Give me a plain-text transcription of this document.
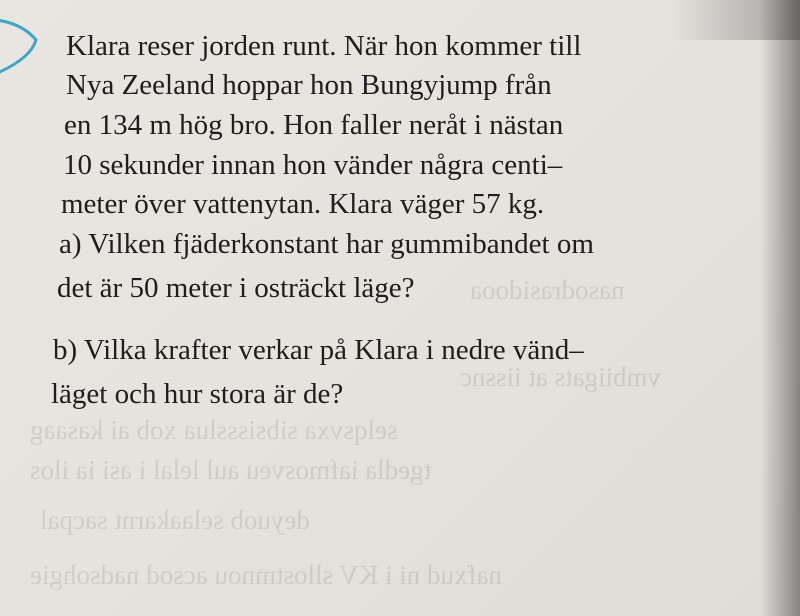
nasodrasidooa
vmbiigats at iissnc
selqsvxa sibsissslua xob ai kasaag
tgedla iafmosveu aul lelal i asi ia ilos
deyuob selaakarnt sacpal
nafxud ni i KV sllostmnou acsod nadsohgie

Klara reser jorden runt. När hon kommer till

Nya Zeeland hoppar hon Bungyjump från

en 134 m hög bro. Hon faller neråt i nästan

10 sekunder innan hon vänder några centi–

meter över vattenytan. Klara väger 57 kg.

a) Vilken fjäderkonstant har gummibandet om

det är 50 meter i osträckt läge?

b) Vilka krafter verkar på Klara i nedre vänd–

läget och hur stora är de?
